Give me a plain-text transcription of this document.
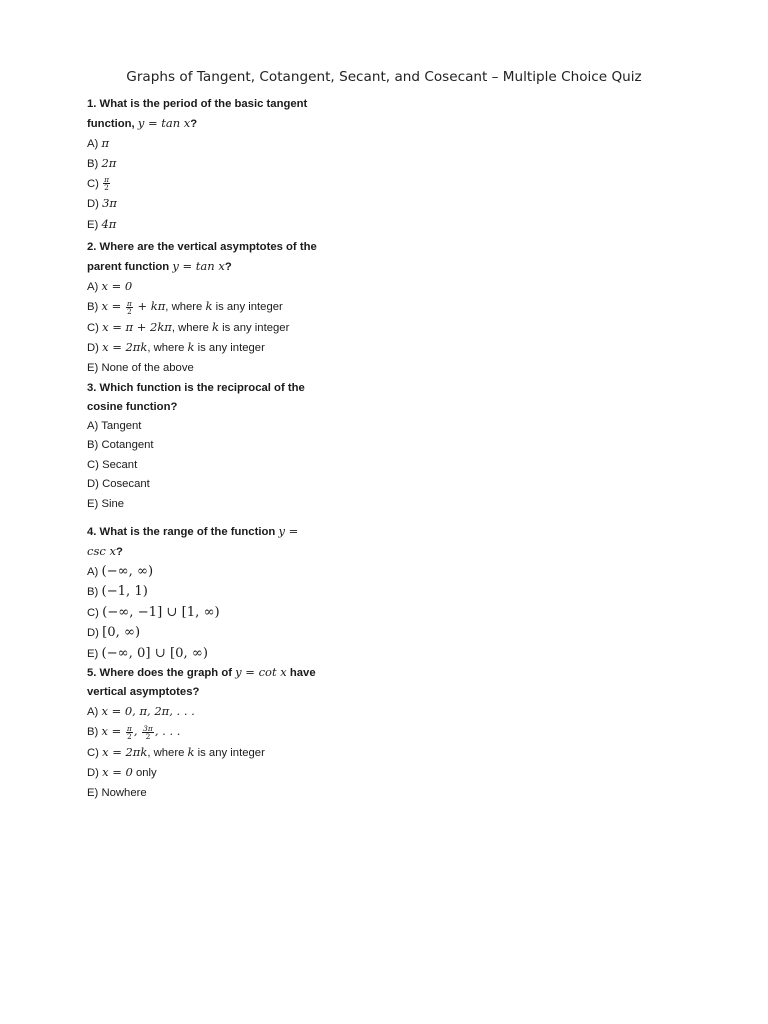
Graphs of Tangent, Cotangent, Secant, and Cosecant – Multiple Choice Quiz
1. What is the period of the basic tangent
function, y = tan x?
A) π
B) 2π
$C) \frac{\pi}{2}$
D) 3π
E) 4π
2. Where are the vertical asymptotes of the
parent function y = tan x?
A) x = 0
B) $x = \frac{\pi}{2} + k\pi$, where k is any integer
C) x = π + 2kπ, where k is any integer
D) x = 2πk, where k is any integer
E) None of the above
3. Which function is the reciprocal of the
cosine function?
A) Tangent
B) Cotangent
C) Secant
D) Cosecant
E) Sine
4. What is the range of the function y =
csc x?
A) (−∞, ∞)
B) (−1, 1)
C) (−∞, −1] ∪ [1, ∞)
D) [0, ∞)
E) (−∞, 0] ∪ [0, ∞)
5. Where does the graph of y = cot x have
vertical asymptotes?
A) x = 0, π, 2π, . . .
B) $x = \frac{\pi}{2}$ , $\frac{3\pi}{2}$ , . . .
C) x = 2πk, where k is any integer
D) x = 0 only
E) Nowhere
